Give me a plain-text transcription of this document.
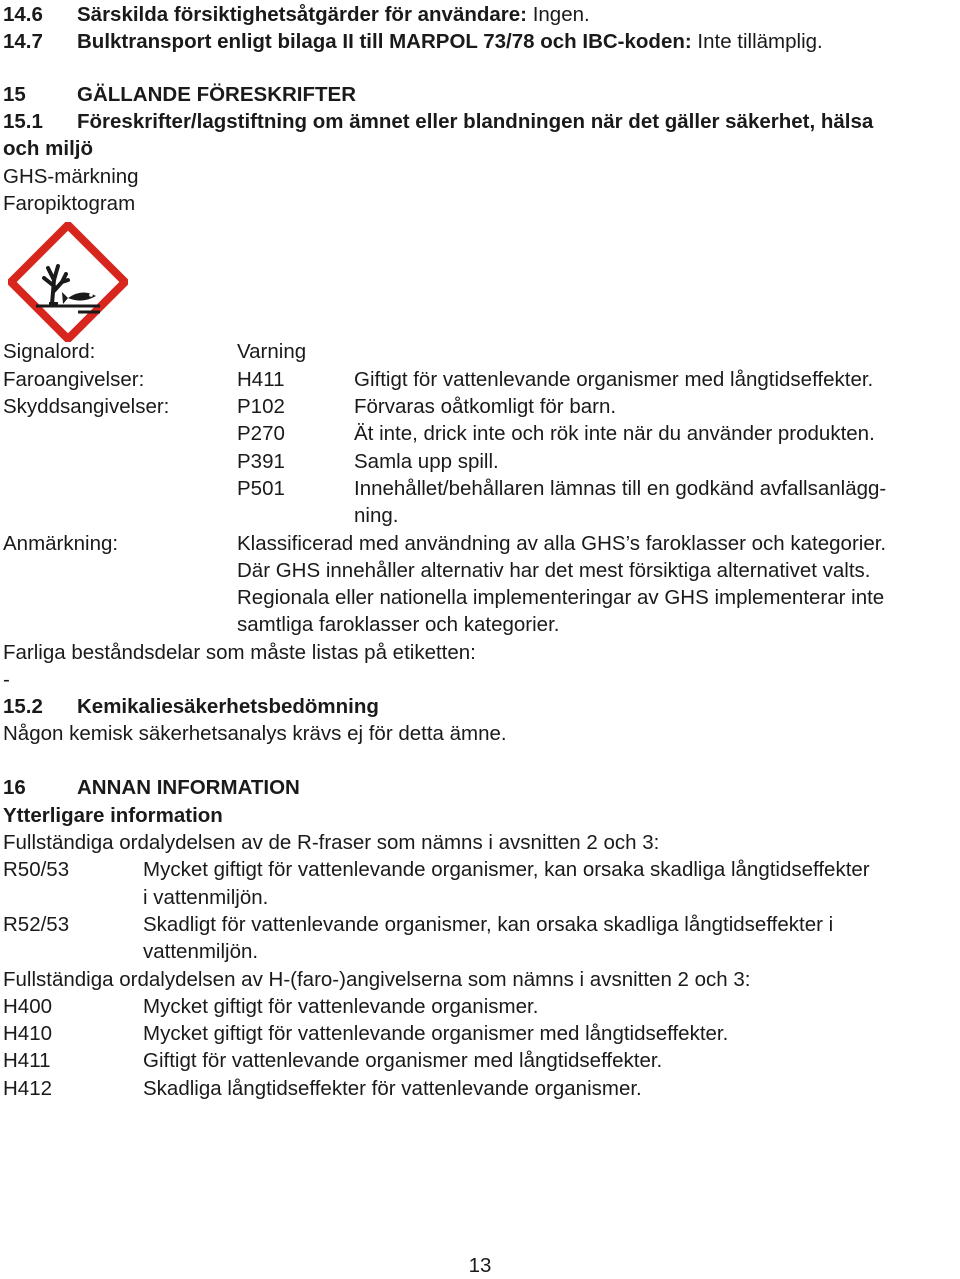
14.6 Särskilda försiktighetsåtgärder för användare: Ingen.
14.7 Bulktransport enligt bilaga II till MARPOL 73/78 och IBC-koden: Inte tillämplig.
15 GÄLLANDE FÖRESKRIFTER
15.1 Föreskrifter/lagstiftning om ämnet eller blandningen när det gäller säkerhet, hälsa
och miljö
GHS-märkning
Faropiktogram
Signalord:	Varning
Faroangivelser:	H411	Giftigt för vattenlevande organismer med långtidseffekter.
Skyddsangivelser:	P102	Förvaras oåtkomligt för barn.
P270	Ät inte, drick inte och rök inte när du använder produkten.
P391	Samla upp spill.
P501	Innehållet/behållaren lämnas till en godkänd avfallsanlägg-
ning.
Anmärkning:	Klassificerad med användning av alla GHS’s faroklasser och kategorier.
Där GHS innehåller alternativ har det mest försiktiga alternativet valts.
Regionala eller nationella implementeringar av GHS implementerar inte
samtliga faroklasser och kategorier.
Farliga beståndsdelar som måste listas på etiketten:
-
15.2 Kemikaliesäkerhetsbedömning
Någon kemisk säkerhetsanalys krävs ej för detta ämne.
16 ANNAN INFORMATION
Ytterligare information
Fullständiga ordalydelsen av de R-fraser som nämns i avsnitten 2 och 3:
R50/53	Mycket giftigt för vattenlevande organismer, kan orsaka skadliga långtidseffekter
i vattenmiljön.
R52/53	Skadligt för vattenlevande organismer, kan orsaka skadliga långtidseffekter i
vattenmiljön.
Fullständiga ordalydelsen av H-(faro-)angivelserna som nämns i avsnitten 2 och 3:
H400	Mycket giftigt för vattenlevande organismer.
H410	Mycket giftigt för vattenlevande organismer med långtidseffekter.
H411	Giftigt för vattenlevande organismer med långtidseffekter.
H412	Skadliga långtidseffekter för vattenlevande organismer.
13
